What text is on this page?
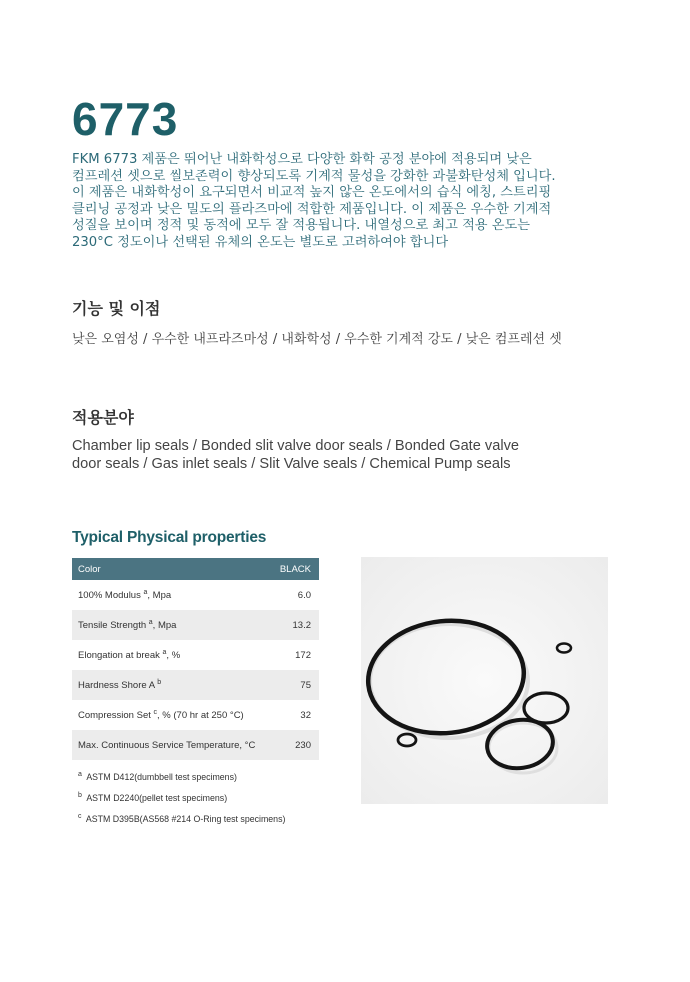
6773
FKM 6773 제품은 뛰어난 내화학성으로 다양한 화학 공정 분야에 적용되며 낮은
컴프레션 셋으로 씰보존력이 향상되도록 기계적 물성을 강화한 과불화탄성체 입니다.
이 제품은 내화학성이 요구되면서 비교적 높지 않은 온도에서의 습식 에칭, 스트리핑
클리닝 공정과 낮은 밀도의 플라즈마에 적합한 제품입니다. 이 제품은 우수한 기계적
성질을 보이며 정적 및 동적에 모두 잘 적용됩니다. 내열성으로 최고 적용 온도는
230°C 정도이나 선택된 유체의 온도는 별도로 고려하여야 합니다
기능 및 이점

낮은 오염성 / 우수한 내프라즈마성 / 내화학성 / 우수한 기계적 강도 / 낮은 컴프레션 셋

적용분야
Chamber lip seals / Bonded slit valve door seals / Bonded Gate valve
door seals / Gas inlet seals / Slit Valve seals / Chemical Pump seals
Typical Physical properties
Color	BLACK
100% Modulus $^a$, Mpa	6.0
Tensile Strength $^a$, Mpa	13.2
Elongation at break $^a$, %	172
Hardness Shore A $^b$	75
Compression Set $^c$, % (70 hr at 250 °C)	32
Max. Continuous Service Temperature, °C	230
$^a$ ASTM D412(dumbbell test specimens)
$^b$ ASTM D2240(pellet test specimens)
$^c$ ASTM D395B(AS568 #214 O-Ring test specimens)
